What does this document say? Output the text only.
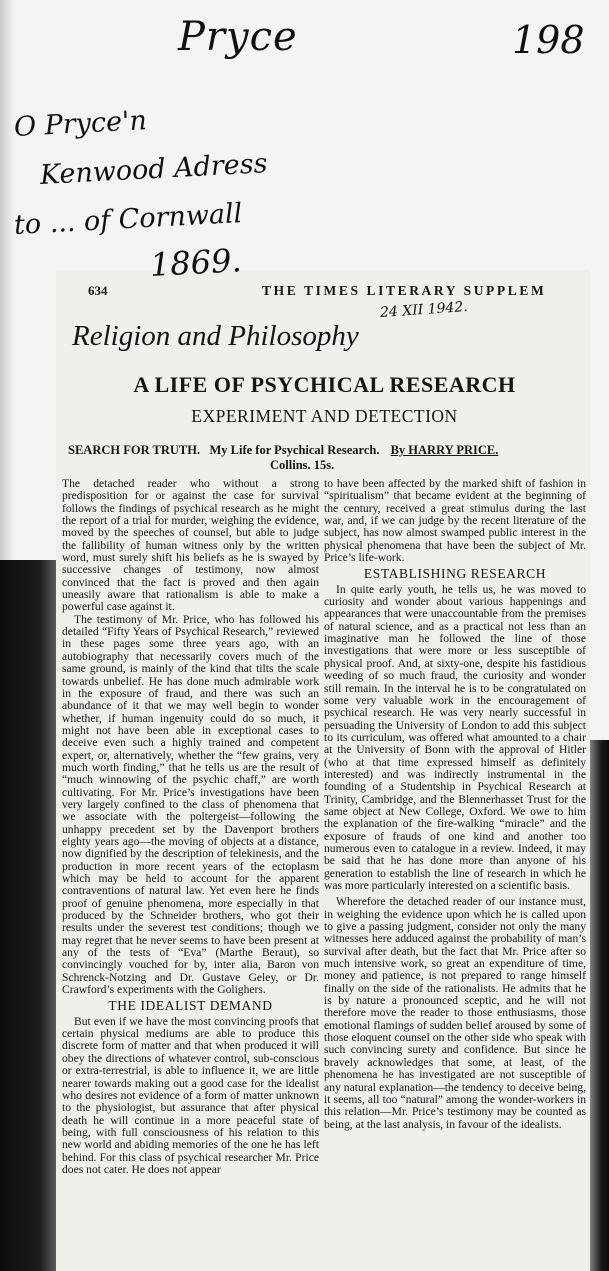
Pryce	198
O Pryce'n
Kenwood Adress
to ... of Cornwall
1869.
634	THE TIMES LITERARY SUPPLEM
24 XII 1942.
Religion and Philosophy
A LIFE OF PSYCHICAL RESEARCH
EXPERIMENT AND DETECTION
SEARCH FOR TRUTH. My Life for Psychical Research. By HARRY PRICE.
Collins. 15s.

The detached reader who without a strong predisposition for or against the case for survival follows the findings of psychical research as he might the report of a trial for murder, weighing the evidence, moved by the speeches of counsel, but able to judge the fallibility of human witness only by the written word, must surely shift his beliefs as he is swayed by successive changes of testimony, now almost convinced that the fact is proved and then again uneasily aware that rationalism is able to make a powerful case against it.

The testimony of Mr. Price, who has followed his detailed “Fifty Years of Psychical Research,” reviewed in these pages some three years ago, with an autobiography that necessarily covers much of the same ground, is mainly of the kind that tilts the scale towards unbelief. He has done much admirable work in the exposure of fraud, and there was such an abundance of it that we may well begin to wonder whether, if human ingenuity could do so much, it might not have been able in exceptional cases to deceive even such a highly trained and competent expert, or, alternatively, whether the “few grains, very much worth finding,” that he tells us are the result of “much winnowing of the psychic chaff,” are worth cultivating. For Mr. Price’s investigations have been very largely confined to the class of phenomena that we associate with the poltergeist—following the unhappy precedent set by the Davenport brothers eighty years ago—the moving of objects at a distance, now dignified by the description of telekinesis, and the production in more recent years of the ectoplasm which may be held to account for the apparent contraventions of natural law. Yet even here he finds proof of genuine phenomena, more especially in that produced by the Schneider brothers, who got their results under the severest test conditions; though we may regret that he never seems to have been present at any of the tests of “Eva” (Marthe Beraut), so convincingly vouched for by, inter alia, Baron von Schrenck-Notzing and Dr. Gustave Geley, or Dr. Crawford’s experiments with the Golighers.

THE IDEALIST DEMAND

But even if we have the most convincing proofs that certain physical mediums are able to produce this discrete form of matter and that when produced it will obey the directions of whatever control, sub-conscious or extra-terrestrial, is able to influence it, we are little nearer towards making out a good case for the idealist who desires not evidence of a form of matter unknown to the physiologist, but assurance that after physical death he will continue in a more peaceful state of being, with full consciousness of his relation to this new world and abiding memories of the one he has left behind. For this class of psychical researcher Mr. Price does not cater. He does not appear

to have been affected by the marked shift of fashion in “spiritualism” that became evident at the beginning of the century, received a great stimulus during the last war, and, if we can judge by the recent literature of the subject, has now almost swamped public interest in the physical phenomena that have been the subject of Mr. Price’s life-work.

ESTABLISHING RESEARCH

In quite early youth, he tells us, he was moved to curiosity and wonder about various happenings and appearances that were unaccountable from the premises of natural science, and as a practical not less than an imaginative man he followed the line of those investigations that were more or less susceptible of physical proof. And, at sixty-one, despite his fastidious weeding of so much fraud, the curiosity and wonder still remain. In the interval he is to be congratulated on some very valuable work in the encouragement of psychical research. He was very nearly successful in persuading the University of London to add this subject to its curriculum, was offered what amounted to a chair at the University of Bonn with the approval of Hitler (who at that time expressed himself as definitely interested) and was indirectly instrumental in the founding of a Studentship in Psychical Research at Trinity, Cambridge, and the Blennerhasset Trust for the same object at New College, Oxford. We owe to him the explanation of the fire-walking “miracle” and the exposure of frauds of one kind and another too numerous even to catalogue in a review. Indeed, it may be said that he has done more than anyone of his generation to establish the line of research in which he was more particularly interested on a scientific basis.

Wherefore the detached reader of our instance must, in weighing the evidence upon which he is called upon to give a passing judgment, consider not only the many witnesses here adduced against the probability of man’s survival after death, but the fact that Mr. Price after so much intensive work, so great an expenditure of time, money and patience, is not prepared to range himself finally on the side of the rationalists. He admits that he is by nature a pronounced sceptic, and he will not therefore move the reader to those enthusiasms, those emotional flamings of sudden belief aroused by some of those eloquent counsel on the other side who speak with such convincing surety and confidence. But since he bravely acknowledges that some, at least, of the phenomena he has investigated are not susceptible of any natural explanation—the tendency to deceive being, it seems, all too “natural” among the wonder-workers in this relation—Mr. Price’s testimony may be counted as being, at the last analysis, in favour of the idealists.
